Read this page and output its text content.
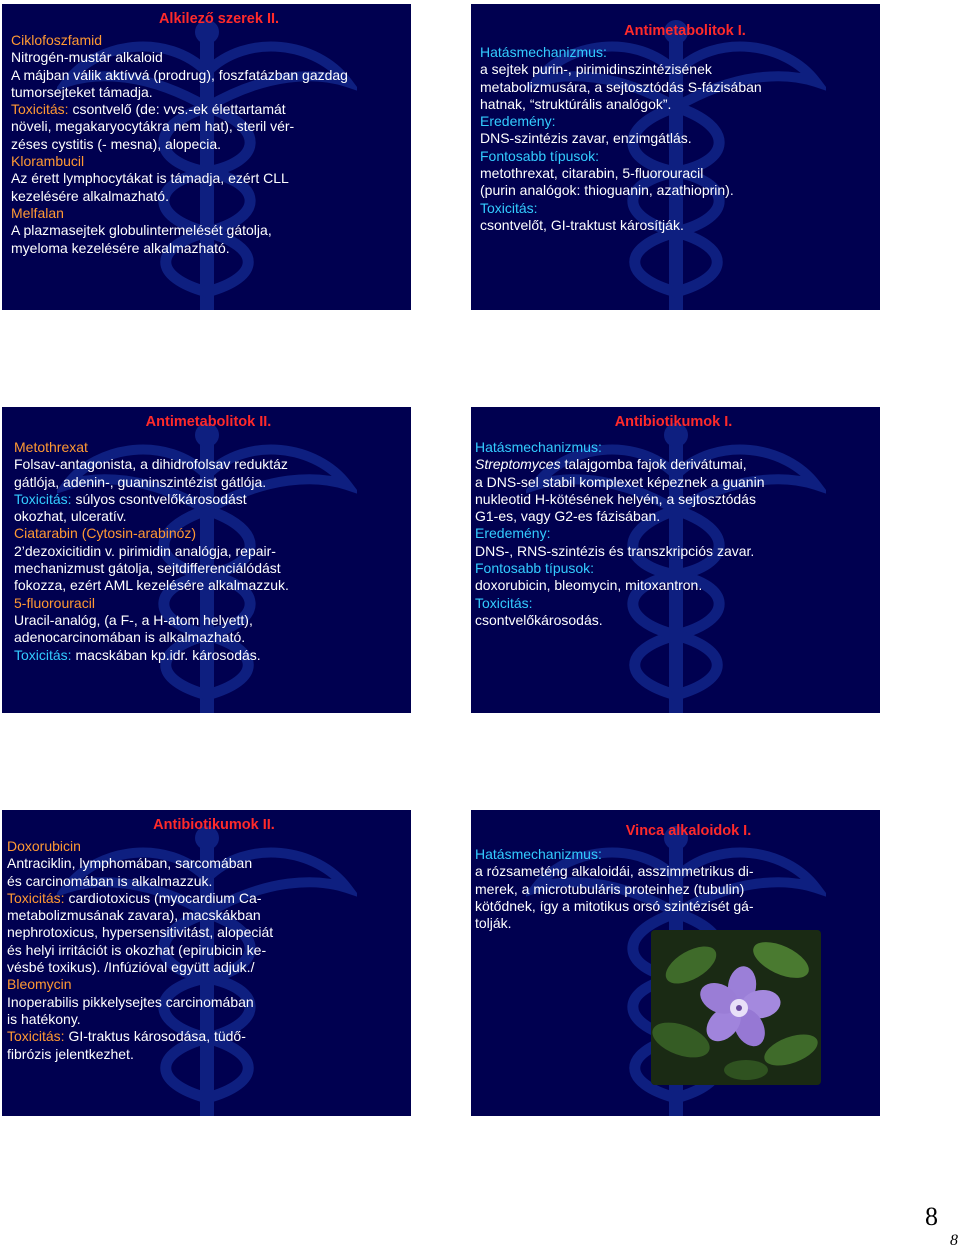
Alkilező szerek II.
Ciklofoszfamid
Nitrogén-mustár alkaloid
A májban válik aktívvá (prodrug), foszfatázban gazdag
tumorsejteket támadja.
Toxicitás: csontvelő (de: vvs.-ek élettartamát
növeli, megakaryocytákra nem hat), steril vér-
zéses cystitis (- mesna), alopecia.
Klorambucil
Az érett lymphocytákat is támadja, ezért CLL
kezelésére alkalmazható.
Melfalan
A plazmasejtek globulintermelését gátolja,
myeloma kezelésére alkalmazható.
Antimetabolitok I.
Hatásmechanizmus:
a sejtek purin-, pirimidinszintézisének
metabolizmusára, a sejtosztódás S-fázisában
hatnak, “struktúrális analógok”.
Eredemény:
DNS-szintézis zavar, enzimgátlás.
Fontosabb típusok:
metothrexat, citarabin, 5-fluorouracil
(purin analógok: thioguanin, azathioprin).
Toxicitás:
csontvelőt, GI-traktust károsítják.
Antimetabolitok II.
Metothrexat
Folsav-antagonista, a dihidrofolsav reduktáz
gátlója, adenin-, guaninszintézist gátlója.
Toxicitás: súlyos csontvelőkárosodást
okozhat, ulceratív.
Ciatarabin (Cytosin-arabinóz)
2’dezoxicitidin v. pirimidin analógja, repair-
mechanizmust gátolja, sejtdifferenciálódást
fokozza, ezért AML kezelésére alkalmazzuk.
5-fluorouracil
Uracil-analóg, (a F-, a H-atom helyett),
adenocarcinomában is alkalmazható.
Toxicitás: macskában kp.idr. károsodás.
Antibiotikumok I.
Hatásmechanizmus:
Streptomyces talajgomba fajok derivátumai,
a DNS-sel stabil komplexet képeznek a guanin
nukleotid H-kötésének helyén, a sejtosztódás
G1-es, vagy G2-es fázisában.
Eredemény:
DNS-, RNS-szintézis és transzkripciós zavar.
Fontosabb típusok:
doxorubicin, bleomycin, mitoxantron.
Toxicitás:
csontvelőkárosodás.
Antibiotikumok II.
Doxorubicin
Antraciklin, lymphomában, sarcomában
és carcinomában is alkalmazzuk.
Toxicitás: cardiotoxicus (myocardium Ca-
metabolizmusának zavara), macskákban
nephrotoxicus, hypersensitivitást, alopeciát
és helyi irritációt is okozhat (epirubicin ke-
vésbé toxikus). /Infúzióval együtt adjuk./
Bleomycin
Inoperabilis pikkelysejtes carcinomában
is hatékony.
Toxicitás: GI-traktus károsodása, tüdő-
fibrózis jelentkezhet.
Vinca alkaloidok I.
Hatásmechanizmus:
a rózsameténg alkaloidái, asszimmetrikus di-
merek, a microtubuláris proteinhez (tubulin)
kötődnek, így a mitotikus orsó szintézisét gá-
tolják.
8
8
